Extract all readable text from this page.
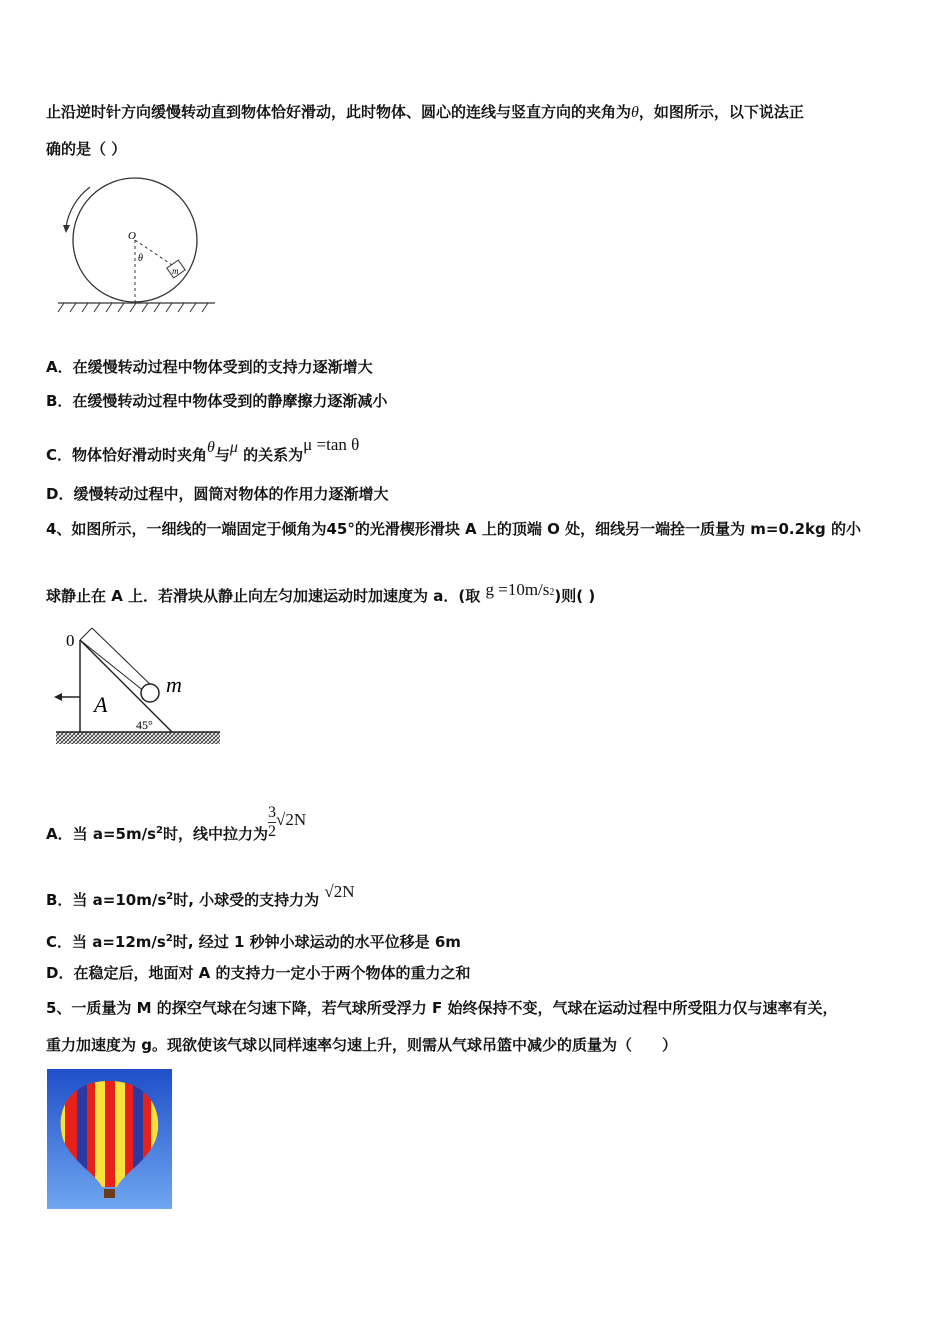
止沿逆时针方向缓慢转动直到物体恰好滑动，此时物体、圆心的连线与竖直方向的夹角为θ，如图所示，以下说法正
确的是（ ）
O
θ
m
A．在缓慢转动过程中物体受到的支持力逐渐增大
B．在缓慢转动过程中物体受到的静摩擦力逐渐减小
C．物体恰好滑动时夹角θ与μ 的关系为μ =tan θ
D．缓慢转动过程中，圆筒对物体的作用力逐渐增大
4、如图所示，一细线的一端固定于倾角为45°的光滑楔形滑块 A 上的顶端 O 处，细线另一端拴一质量为 m=0.2kg 的小
球静止在 A 上．若滑块从静止向左匀加速运动时加速度为 a．(取 $g =10m/s^2$)则( )
0
A
m
45°
A．当 $a=5m/s^2$时，线中拉力为 $\frac{3}{2} √2N$
B．当 $a=10m/s^2$时, 小球受的支持力为 √2N
C．当 $a=12m/s^2$时, 经过 1 秒钟小球运动的水平位移是 6m
D．在稳定后，地面对 A 的支持力一定小于两个物体的重力之和
5、一质量为 M 的探空气球在匀速下降，若气球所受浮力 F 始终保持不变，气球在运动过程中所受阻力仅与速率有关，
重力加速度为 g。现欲使该气球以同样速率匀速上升，则需从气球吊篮中减少的质量为（　　）
